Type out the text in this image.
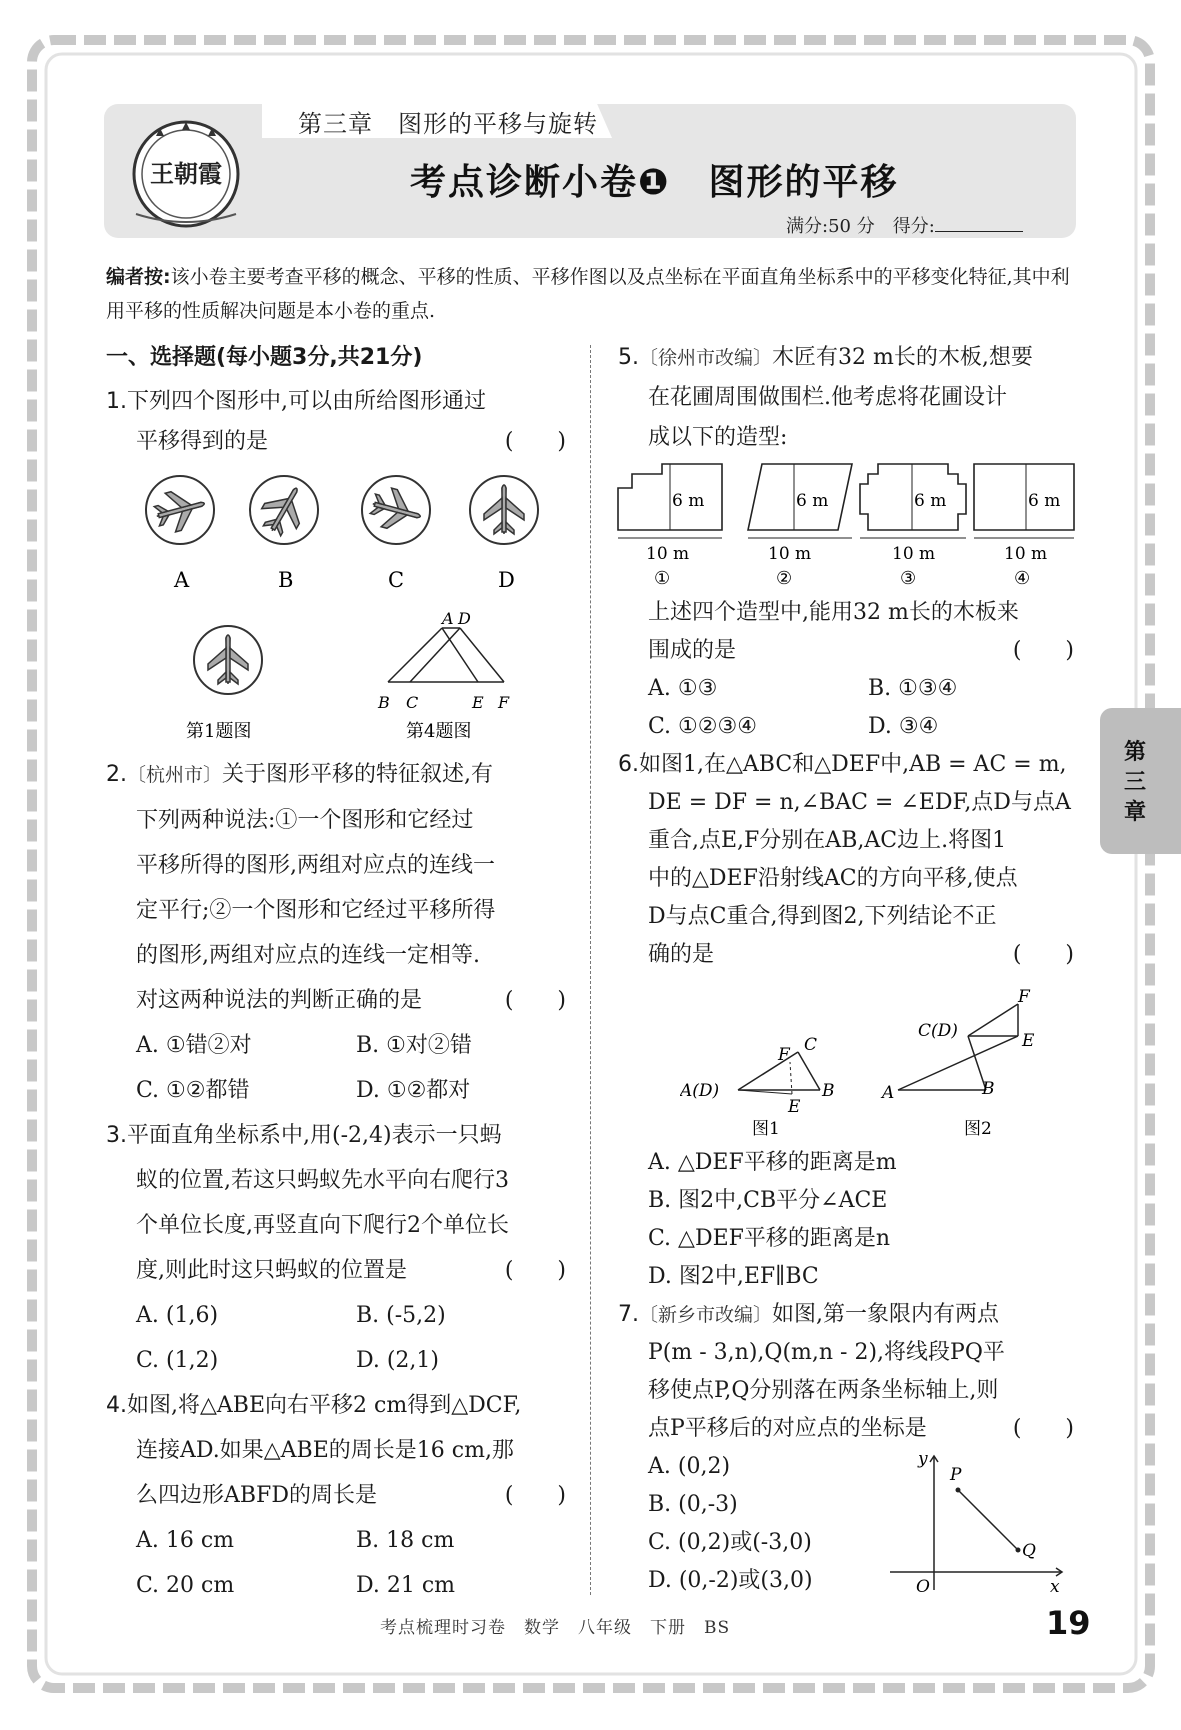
第三章　图形的平移与旋转
王朝霞	考点诊断小卷❶　图形的平移
满分:50 分　得分:
编者按:该小卷主要考查平移的概念、平移的性质、平移作图以及点坐标在平面直角坐标系中的平移变化特征,其中利用平移的性质解决问题是本小卷的重点.
一、选择题(每小题3分,共21分)
1.下列四个图形中,可以由所给图形通过
平移得到的是	(　　)
A	B	C	D
第1题图
A D
B C	E F
第4题图
2.〔杭州市〕关于图形平移的特征叙述,有
下列两种说法:①一个图形和它经过
平移所得的图形,两组对应点的连线一
定平行;②一个图形和它经过平移所得
的图形,两组对应点的连线一定相等.
对这两种说法的判断正确的是	(　　)
A. ①错②对	B. ①对②错
C. ①②都错	D. ①②都对
3.平面直角坐标系中,用(-2,4)表示一只蚂
蚁的位置,若这只蚂蚁先水平向右爬行3
个单位长度,再竖直向下爬行2个单位长
度,则此时这只蚂蚁的位置是	(　　)
A. (1,6)	B. (-5,2)
C. (1,2)	D. (2,1)
4.如图,将△ABE向右平移2 cm得到△DCF,
连接AD.如果△ABE的周长是16 cm,那
么四边形ABFD的周长是	(　　)
A. 16 cm	B. 18 cm
C. 20 cm	D. 21 cm
5.〔徐州市改编〕木匠有32 m长的木板,想要
在花圃周围做围栏.他考虑将花圃设计
成以下的造型:
6 m	6 m	6 m	6 m
10 m	10 m	10 m	10 m
①	②	③	④
上述四个造型中,能用32 m长的木板来
围成的是	(　　)
A. ①③	B. ①③④
C. ①②③④	D. ③④
6.如图1,在△ABC和△DEF中,AB = AC = m,
DE = DF = n,∠BAC = ∠EDF,点D与点A
重合,点E,F分别在AB,AC边上.将图1
中的△DEF沿射线AC的方向平移,使点
D与点C重合,得到图2,下列结论不正
确的是	(　　)
A(D)	B
C
E
F
图1
A	B
C(D)	E
F
图2
A. △DEF平移的距离是m
B. 图2中,CB平分∠ACE
C. △DEF平移的距离是n
D. 图2中,EF∥BC
7.〔新乡市改编〕如图,第一象限内有两点
P(m - 3,n),Q(m,n - 2),将线段PQ平
移使点P,Q分别落在两条坐标轴上,则
点P平移后的对应点的坐标是	(　　)
A. (0,2)
B. (0,-3)
C. (0,2)或(-3,0)
D. (0,-2)或(3,0)
y
x
O
P
Q
第三章
考点梳理时习卷　数学　八年级　下册　BS	19
